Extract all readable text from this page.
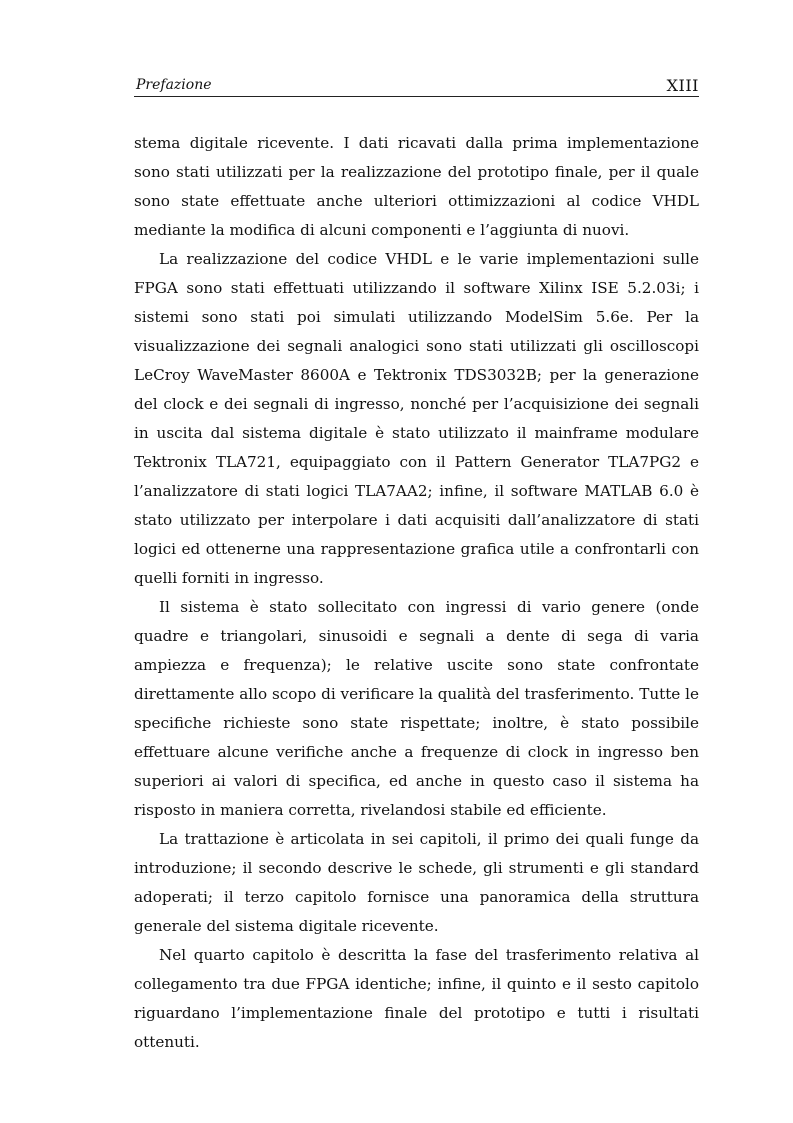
Prefazione	XIII

stema digitale ricevente. I dati ricavati dalla prima implementazione sono stati utilizzati per la realizzazione del prototipo finale, per il quale sono state effettuate anche ulteriori ottimizzazioni al codice VHDL mediante la modifica di alcuni componenti e l’aggiunta di nuovi.

La realizzazione del codice VHDL e le varie implementazioni sulle FPGA sono stati effettuati utilizzando il software Xilinx ISE 5.2.03i; i sistemi sono stati poi simulati utilizzando ModelSim 5.6e. Per la visualizzazione dei segnali analogici sono stati utilizzati gli oscilloscopi LeCroy WaveMaster 8600A e Tektronix TDS3032B; per la generazione del clock e dei segnali di ingresso, nonché per l’acquisizione dei segnali in uscita dal sistema digitale è stato utilizzato il mainframe modulare Tektronix TLA721, equipaggiato con il Pattern Generator TLA7PG2 e l’analizzatore di stati logici TLA7AA2; infine, il software MATLAB 6.0 è stato utilizzato per interpolare i dati acquisiti dall’analizzatore di stati logici ed ottenerne una rappresentazione grafica utile a confrontarli con quelli forniti in ingresso.

Il sistema è stato sollecitato con ingressi di vario genere (onde quadre e triangolari, sinusoidi e segnali a dente di sega di varia ampiezza e frequenza); le relative uscite sono state confrontate direttamente allo scopo di verificare la qualità del trasferimento. Tutte le specifiche richieste sono state rispettate; inoltre, è stato possibile effettuare alcune verifiche anche a frequenze di clock in ingresso ben superiori ai valori di specifica, ed anche in questo caso il sistema ha risposto in maniera corretta, rivelandosi stabile ed efficiente.

La trattazione è articolata in sei capitoli, il primo dei quali funge da introduzione; il secondo descrive le schede, gli strumenti e gli standard adoperati; il terzo capitolo fornisce una panoramica della struttura generale del sistema digitale ricevente.

Nel quarto capitolo è descritta la fase del trasferimento relativa al collegamento tra due FPGA identiche; infine, il quinto e il sesto capitolo riguardano l’implementazione finale del prototipo e tutti i risultati ottenuti.
